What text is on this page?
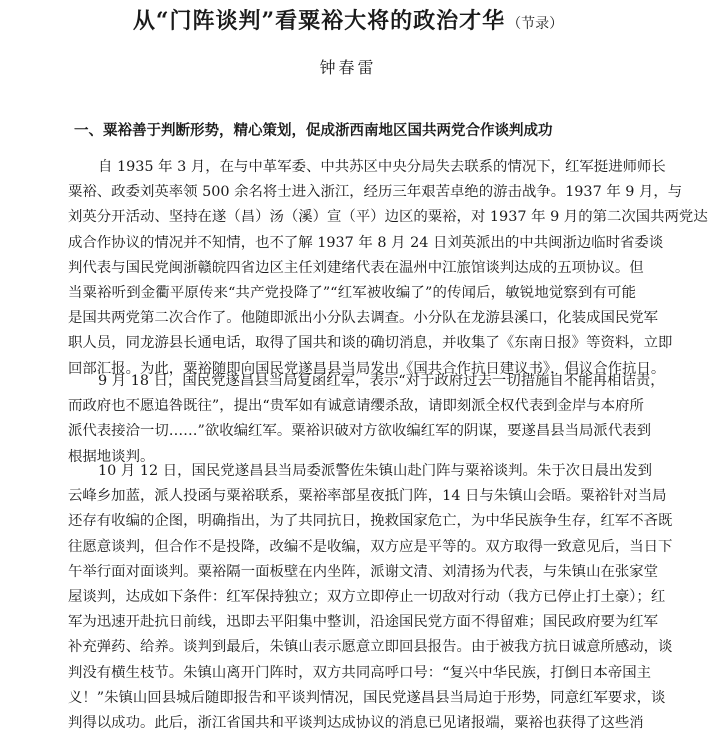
从“门阵谈判”看粟裕大将的政治才华 （节录）
钟春雷
一、粟裕善于判断形势，精心策划，促成浙西南地区国共两党合作谈判成功
自 1935 年 3 月，在与中革军委、中共苏区中央分局失去联系的情况下，红军挺进师师长
粟裕、政委刘英率领 500 余名将士进入浙江，经历三年艰苦卓绝的游击战争。1937 年 9 月，与
刘英分开活动、坚持在遂（昌）汤（溪）宣（平）边区的粟裕，对 1937 年 9 月的第二次国共两党达
成合作协议的情况并不知情，也不了解 1937 年 8 月 24 日刘英派出的中共闽浙边临时省委谈
判代表与国民党闽浙赣皖四省边区主任刘建绪代表在温州中江旅馆谈判达成的五项协议。但
当粟裕听到金衢平原传来“共产党投降了”“红军被收编了”的传闻后，敏锐地觉察到有可能
是国共两党第二次合作了。他随即派出小分队去调查。小分队在龙游县溪口，化装成国民党军
职人员，同龙游县长通电话，取得了国共和谈的确切消息，并收集了《东南日报》等资料，立即
回部汇报。为此，粟裕随即向国民党遂昌县当局发出《国共合作抗日建议书》，倡议合作抗日。
9 月 18 日，国民党遂昌县当局复函红军，表示“对于政府过去一切措施自不能再相诘责，
而政府也不愿追咎既往”，提出“贵军如有诚意请缨杀敌，请即刻派全权代表到金岸与本府所
派代表接洽一切……”欲收编红军。粟裕识破对方欲收编红军的阴谋，要遂昌县当局派代表到
根据地谈判。
10 月 12 日，国民党遂昌县当局委派警佐朱镇山赴门阵与粟裕谈判。朱于次日晨出发到
云峰乡加蓝，派人投函与粟裕联系，粟裕率部星夜抵门阵，14 日与朱镇山会晤。粟裕针对当局
还存有收编的企图，明确指出，为了共同抗日，挽救国家危亡，为中华民族争生存，红军不吝既
往愿意谈判，但合作不是投降，改编不是收编，双方应是平等的。双方取得一致意见后，当日下
午举行面对面谈判。粟裕隔一面板壁在内坐阵，派谢文清、刘清扬为代表，与朱镇山在张家堂
屋谈判，达成如下条件：红军保持独立；双方立即停止一切敌对行动（我方已停止打土豪）；红
军为迅速开赴抗日前线，迅即去平阳集中整训，沿途国民党方面不得留难；国民政府要为红军
补充弹药、给养。谈判到最后，朱镇山表示愿意立即回县报告。由于被我方抗日诚意所感动，谈
判没有横生枝节。朱镇山离开门阵时，双方共同高呼口号：“复兴中华民族，打倒日本帝国主
义！”朱镇山回县城后随即报告和平谈判情况，国民党遂昌县当局迫于形势，同意红军要求，谈
判得以成功。此后，浙江省国共和平谈判达成协议的消息已见诸报端，粟裕也获得了这些消
